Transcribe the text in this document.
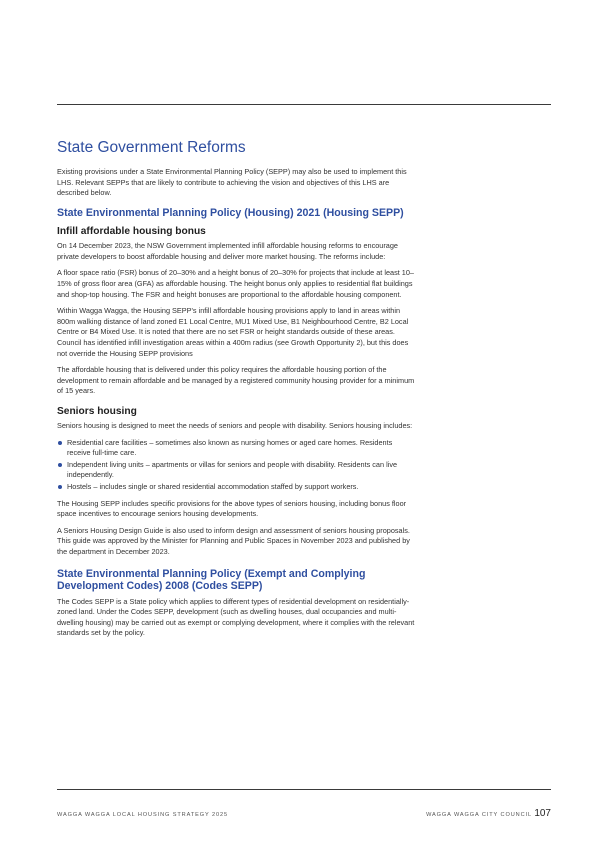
State Government Reforms

Existing provisions under a State Environmental Planning Policy (SEPP) may also be used to implement this LHS. Relevant SEPPs that are likely to contribute to achieving the vision and objectives of this LHS are described below.

State Environmental Planning Policy (Housing) 2021 (Housing SEPP)
Infill affordable housing bonus

On 14 December 2023, the NSW Government implemented infill affordable housing reforms to encourage private developers to boost affordable housing and deliver more market housing. The reforms include:

A floor space ratio (FSR) bonus of 20–30% and a height bonus of 20–30% for projects that include at least 10–15% of gross floor area (GFA) as affordable housing. The height bonus only applies to residential flat buildings and shop-top housing. The FSR and height bonuses are proportional to the affordable housing component.

Within Wagga Wagga, the Housing SEPP's infill affordable housing provisions apply to land in areas within 800m walking distance of land zoned E1 Local Centre, MU1 Mixed Use, B1 Neighbourhood Centre, B2 Local Centre or B4 Mixed Use. It is noted that there are no set FSR or height standards outside of these areas. Council has identified infill investigation areas within a 400m radius (see Growth Opportunity 2), but this does not override the Housing SEPP provisions

The affordable housing that is delivered under this policy requires the affordable housing portion of the development to remain affordable and be managed by a registered community housing provider for a minimum of 15 years.

Seniors housing

Seniors housing is designed to meet the needs of seniors and people with disability. Seniors housing includes:

Residential care facilities – sometimes also known as nursing homes or aged care homes. Residents receive full-time care.
Independent living units – apartments or villas for seniors and people with disability. Residents can live independently.
Hostels – includes single or shared residential accommodation staffed by support workers.

The Housing SEPP includes specific provisions for the above types of seniors housing, including bonus floor space incentives to encourage seniors housing developments.

A Seniors Housing Design Guide is also used to inform design and assessment of seniors housing proposals. This guide was approved by the Minister for Planning and Public Spaces in November 2023 and published by the department in December 2023.

State Environmental Planning Policy (Exempt and Complying Development Codes) 2008 (Codes SEPP)

The Codes SEPP is a State policy which applies to different types of residential development on residentially-zoned land. Under the Codes SEPP, development (such as dwelling houses, dual occupancies and multi-dwelling housing) may be carried out as exempt or complying development, where it complies with the relevant standards set by the policy.

WAGGA WAGGA LOCAL HOUSING STRATEGY 2025	WAGGA WAGGA CITY COUNCIL 107
